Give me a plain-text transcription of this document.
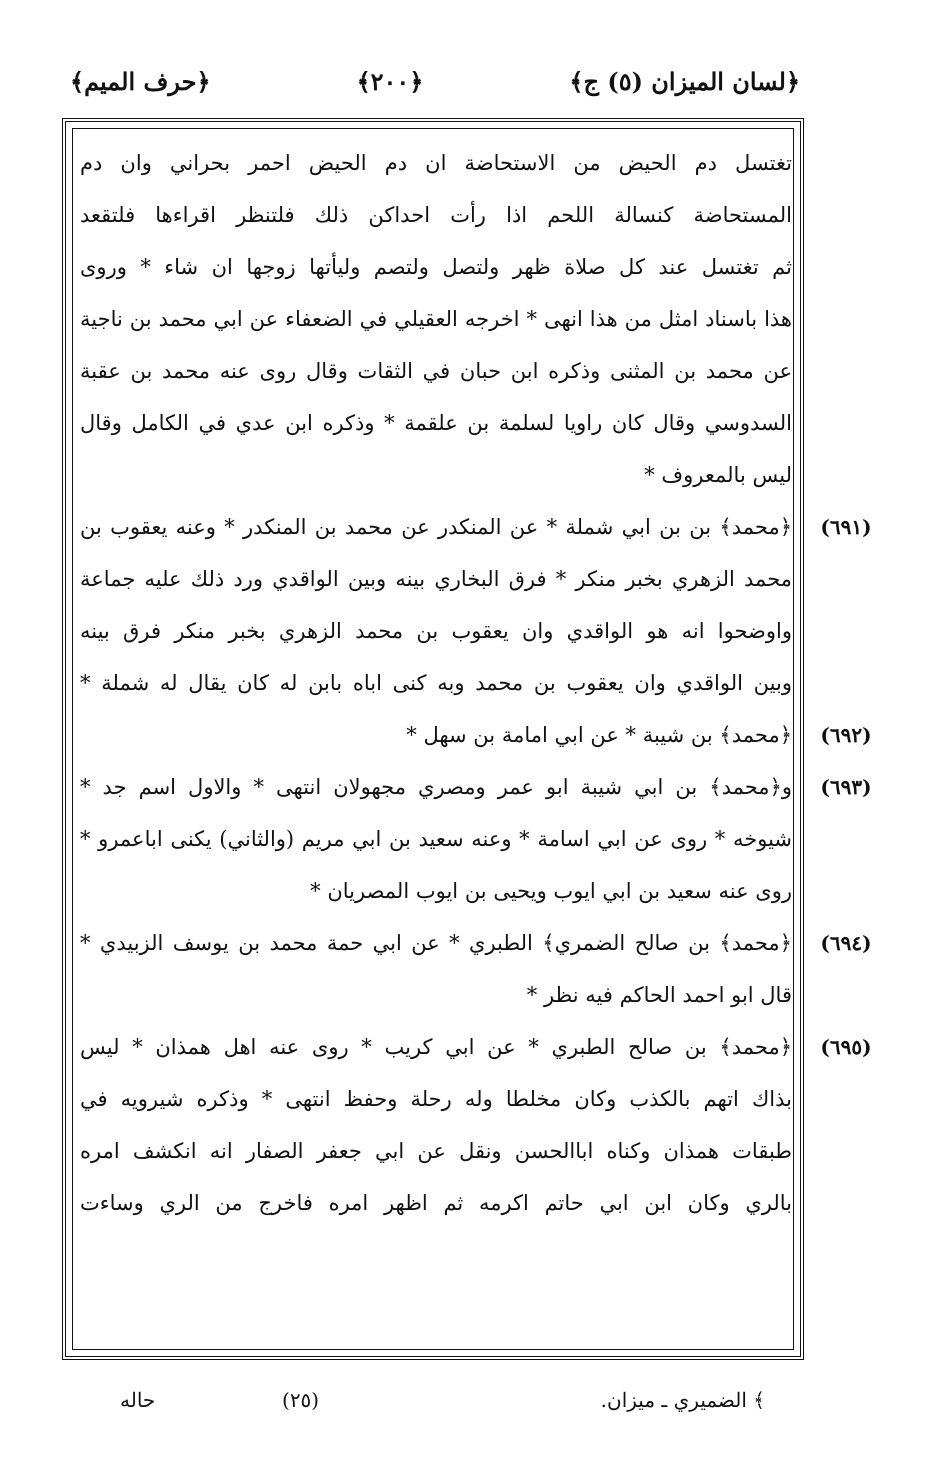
﴿لسان الميزان (٥) ج﴾
﴿٢٠٠﴾
﴿حرف الميم﴾
تغتسل دم الحيض من الاستحاضة ان دم الحيض احمر بحراني وان دم
المستحاضة كنسالة اللحم اذا رأت احداكن ذلك فلتنظر اقراءها فلتقعد
ثم تغتسل عند كل صلاة ظهر ولتصل ولتصم وليأتها زوجها ان شاء * وروى
هذا باسناد امثل من هذا انهى * اخرجه العقيلي في الضعفاء عن ابي محمد بن ناجية
عن محمد بن المثنى وذكره ابن حبان في الثقات وقال روى عنه محمد بن عقبة
السدوسي وقال كان راويا لسلمة بن علقمة * وذكره ابن عدي في الكامل وقال
ليس بالمعروف *
﴿محمد﴾ بن بن ابي شملة * عن المنكدر عن محمد بن المنكدر * وعنه يعقوب بن
محمد الزهري بخبر منكر * فرق البخاري بينه وبين الواقدي ورد ذلك عليه جماعة
واوضحوا انه هو الواقدي وان يعقوب بن محمد الزهري بخبر منكر فرق بينه
وبين الواقدي وان يعقوب بن محمد وبه كنى اباه بابن له كان يقال له شملة *
﴿محمد﴾ بن شيبة * عن ابي امامة بن سهل *
و﴿محمد﴾ بن ابي شيبة ابو عمر ومصري مجهولان انتهى * والاول اسم جد *
شيوخه * روى عن ابي اسامة * وعنه سعيد بن ابي مريم (والثاني) يكنى اباعمرو *
روى عنه سعيد بن ابي ايوب ويحيى بن ايوب المصريان *
﴿محمد﴾ بن صالح الضمري﴾ الطبري * عن ابي حمة محمد بن يوسف الزبيدي *
قال ابو احمد الحاكم فيه نظر *
﴿محمد﴾ بن صالح الطبري * عن ابي كريب * روى عنه اهل همذان * ليس
بذاك اتهم بالكذب وكان مخلطا وله رحلة وحفظ انتهى * وذكره شيرويه في
طبقات همذان وكناه اباالحسن ونقل عن ابي جعفر الصفار انه انكشف امره
بالري وكان ابن ابي حاتم اكرمه ثم اظهر امره فاخرج من الري وساءت
(٦٩١)
(٦٩٢)
(٦٩٣)
(٦٩٤)
(٦٩٥)
﴾ الضميري ـ ميزان.
(٢٥)
حاله
